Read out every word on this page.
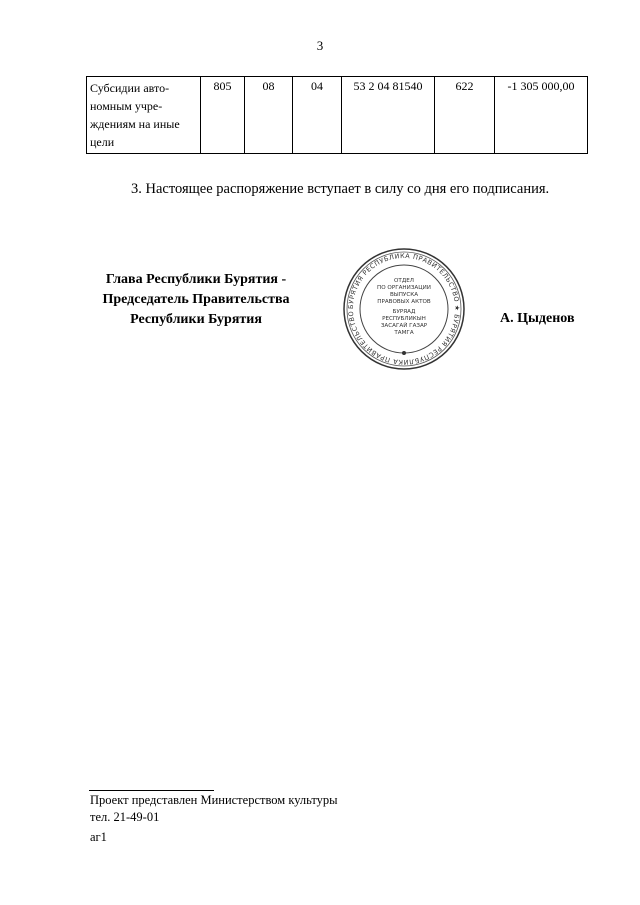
3
Субсидии авто-
номным учре-
ждениям на иные
цели
	805	08	04	53 2 04 81540	622	-1 305 000,00
3. Настоящее распоряжение вступает в силу со дня его подписания.
Глава Республики Бурятия -
Председатель Правительства
Республики Бурятия
БУРЯТИЯ РЕСПУБЛИКА ПРАВИТЕЛЬСТВО ★ БУРЯТИЯ РЕСПУБЛИКА ПРАВИТЕЛЬСТВО
ОТДЕЛ
ПО ОРГАНИЗАЦИИ
ВЫПУСКА
ПРАВОВЫХ АКТОВ
БУРЯАД
РЕСПУБЛИКЫН
ЗАСАГАЙ ГАЗАР
ТАМГА
А. Цыденов
Проект представлен Министерством культуры
тел. 21-49-01
аг1
